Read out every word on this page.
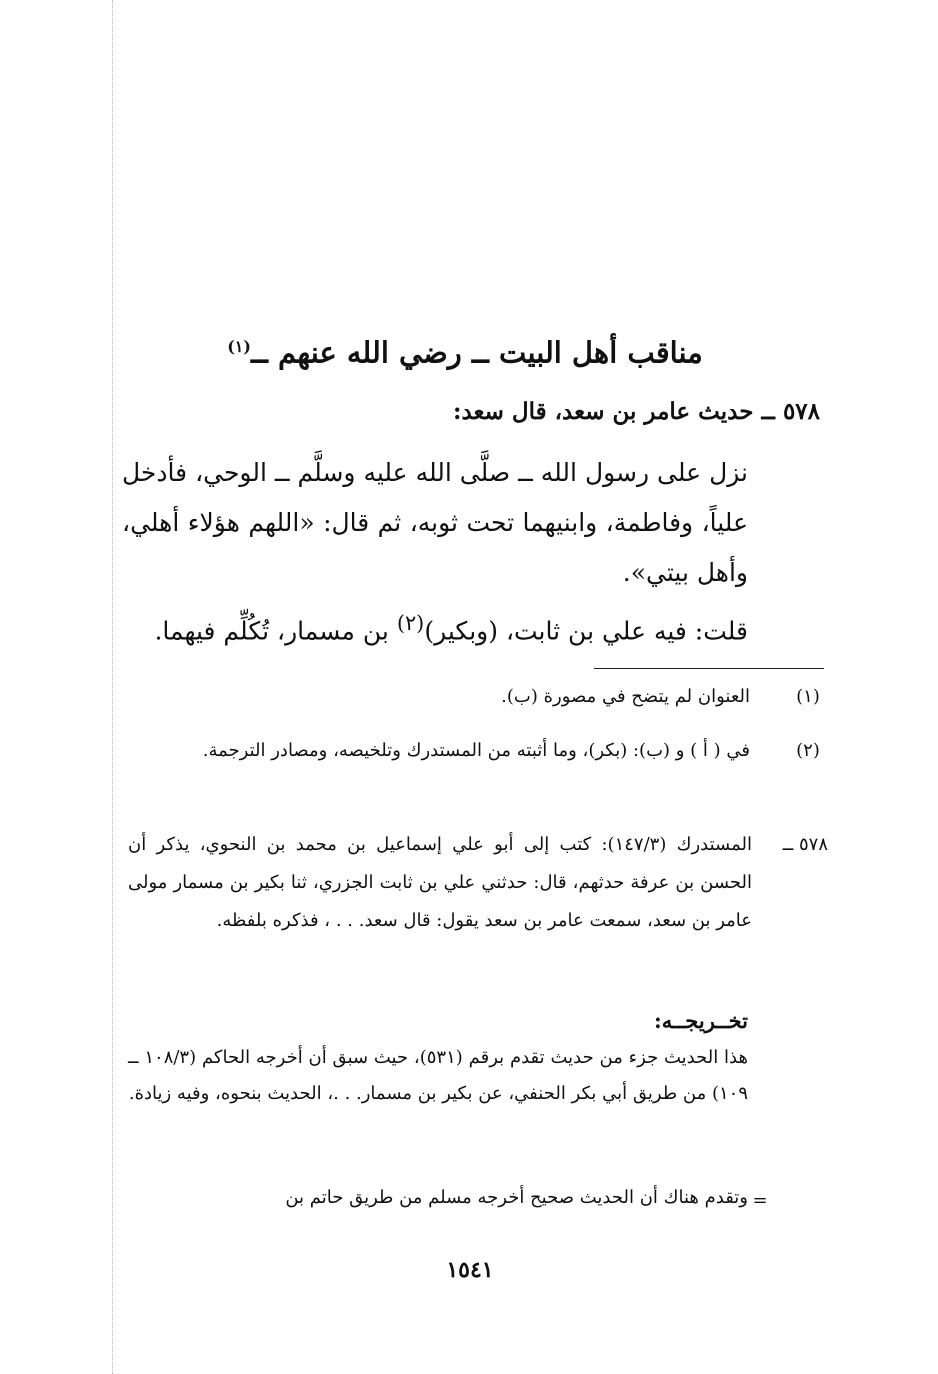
مناقب أهل البيت ــ رضي الله عنهم ــ$^{(١)}$
٥٧٨ ــ حديث عامر بن سعد، قال سعد:
نزل على رسول الله ــ صلَّى الله عليه وسلَّم ــ الوحي، فأدخل علياً، وفاطمة، وابنيهما تحت ثوبه، ثم قال: «اللهم هؤلاء أهلي، وأهل بيتي».
قلت: فيه علي بن ثابت، (وبكير)$^{(٢)}$ بن مسمار، تُكُلِّم فيهما.
(١)
العنوان لم يتضح في مصورة (ب).
(٢)
في ( أ ) و (ب): (بكر)، وما أثبته من المستدرك وتلخيصه، ومصادر الترجمة.
٥٧٨ ــ
المستدرك (١٤٧/٣): كتب إلى أبو علي إسماعيل بن محمد بن النحوي، يذكر أن الحسن بن عرفة حدثهم، قال: حدثني علي بن ثابت الجزري، ثنا بكير بن مسمار مولى عامر بن سعد، سمعت عامر بن سعد يقول: قال سعد. . . ، فذكره بلفظه.
تخــريجــه:
هذا الحديث جزء من حديث تقدم برقم (٥٣١)، حيث سبق أن أخرجه الحاكم (١٠٨/٣ ــ ١٠٩) من طريق أبي بكر الحنفي، عن بكير بن مسمار. . .، الحديث بنحوه، وفيه زيادة.
وتقدم هناك أن الحديث صحيح أخرجه مسلم من طريق حاتم بن =
١٥٤١
